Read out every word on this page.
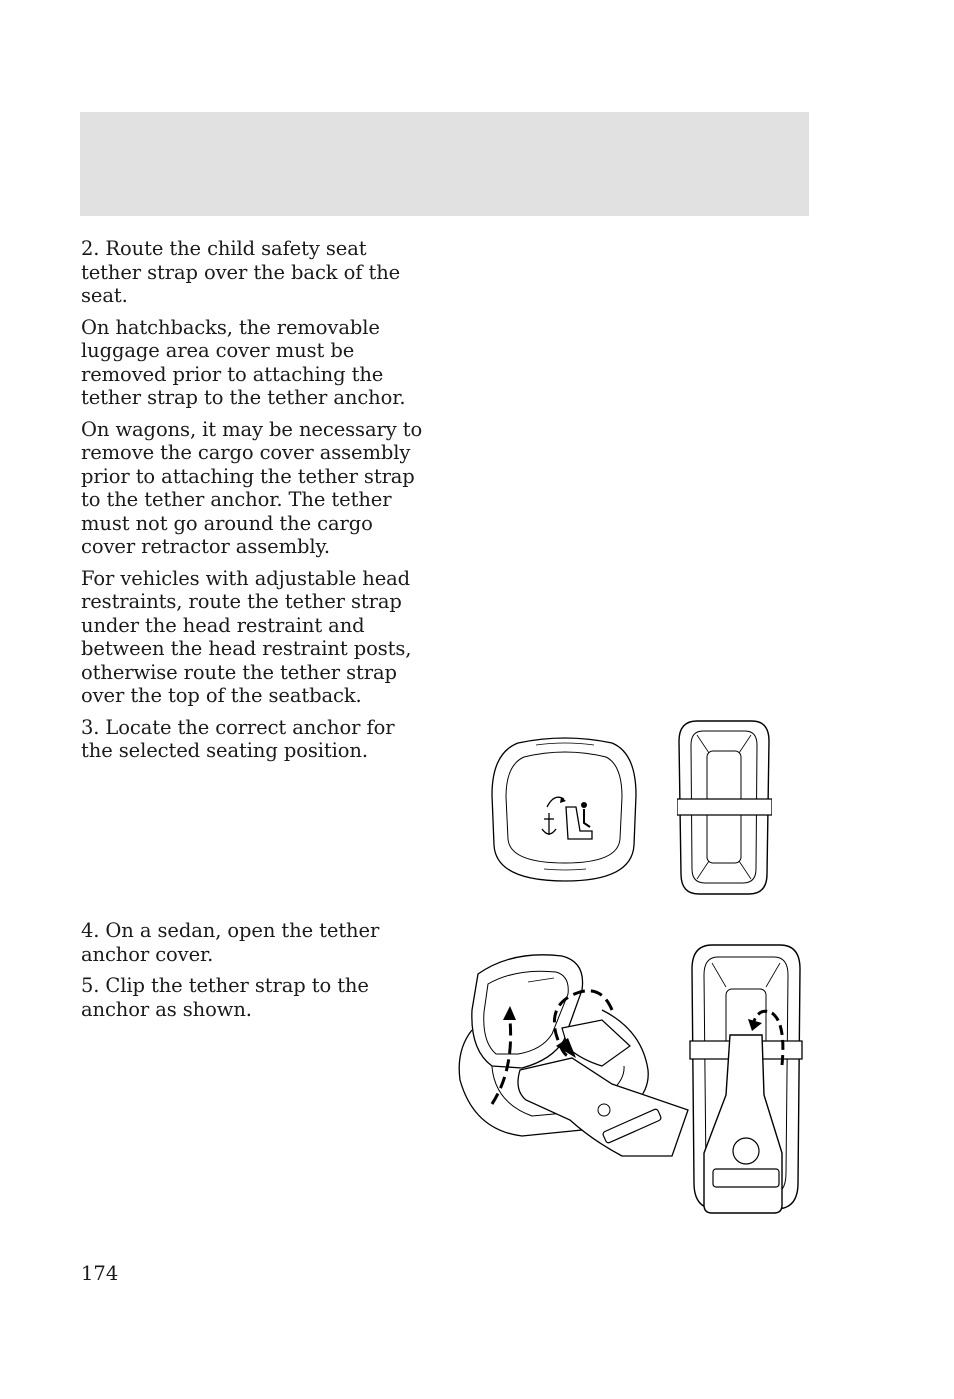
2. Route the child safety seat tether strap over the back of the seat.

On hatchbacks, the removable luggage area cover must be removed prior to attaching the tether strap to the tether anchor.

On wagons, it may be necessary to remove the cargo cover assembly prior to attaching the tether strap to the tether anchor. The tether must not go around the cargo cover retractor assembly.

For vehicles with adjustable head restraints, route the tether strap under the head restraint and between the head restraint posts, otherwise route the tether strap over the top of the seatback.

3. Locate the correct anchor for the selected seating position.

4. On a sedan, open the tether anchor cover.

5. Clip the tether strap to the anchor as shown.

174
